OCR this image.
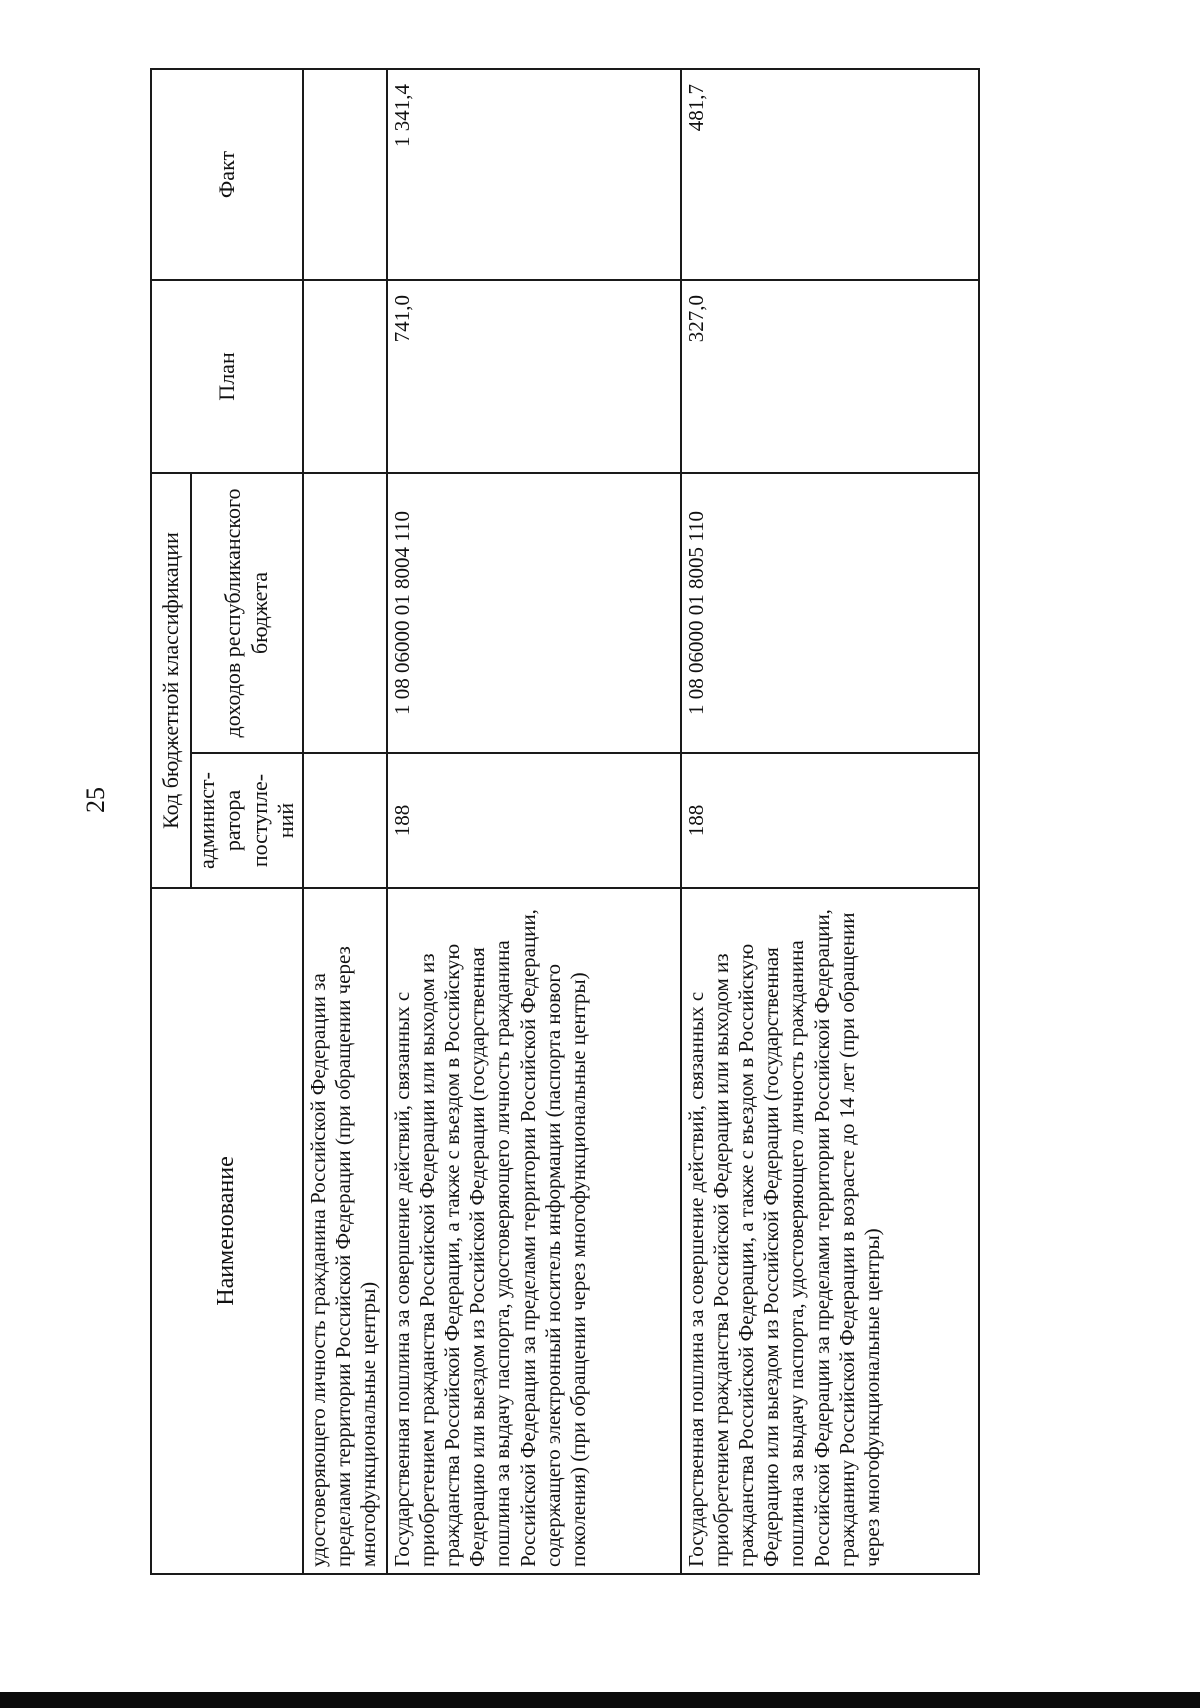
25
Наименование	Код бюджетной классификации		План	Факт
	админист-ратора поступле-ний	доходов республиканского бюджета		
удостоверяющего личность гражданина Российской Федерации за пределами территории Российской Федерации (при обращении через многофункциональные центры)				
Государственная пошлина за совершение действий, связанных с приобретением гражданства Российской Федерации или выходом из гражданства Российской Федерации, а также с въездом в Российскую Федерацию или выездом из Российской Федерации (государственная пошлина за выдачу паспорта, удостоверяющего личность гражданина Российской Федерации за пределами территории Российской Федерации, содержащего электронный носитель информации (паспорта нового поколения) (при обращении через многофункциональные центры)	188	1 08 06000 01 8004 110	741,0	1 341,4
Государственная пошлина за совершение действий, связанных с приобретением гражданства Российской Федерации или выходом из гражданства Российской Федерации, а также с въездом в Российскую Федерацию или выездом из Российской Федерации (государственная пошлина за выдачу паспорта, удостоверяющего личность гражданина Российской Федерации за пределами территории Российской Федерации, гражданину Российской Федерации в возрасте до 14 лет (при обращении через многофункциональные центры)	188	1 08 06000 01 8005 110	327,0	481,7
